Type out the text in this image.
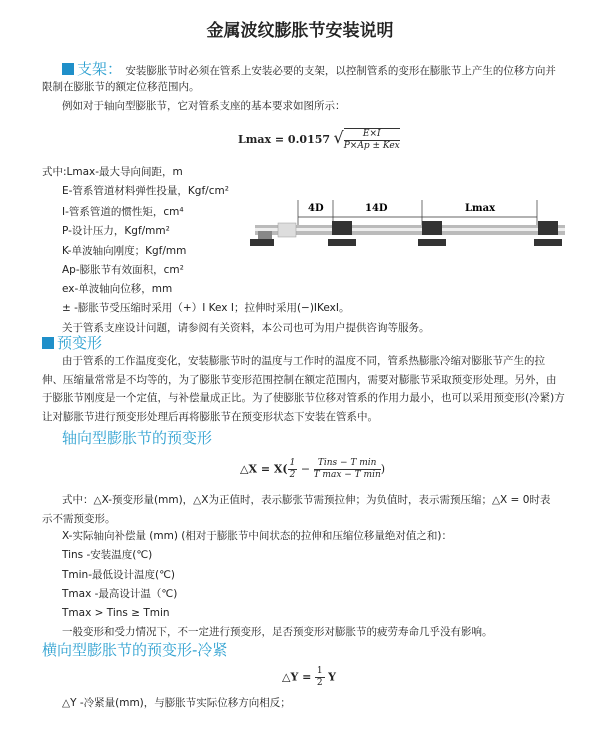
金属波纹膨胀节安装说明
支架： 安装膨胀节时必须在管系上安装必要的支架，以控制管系的变形在膨胀节上产生的位移方向并
限制在膨胀节的额定位移范围内。
例如对于轴向型膨胀节，它对管系支座的基本要求如图所示：
Lmax = 0.0157 √ $\frac{E\times I}{\text{P×Ap ± Kex}}$
式中:Lmax-最大导向间距，m
E-管系管道材料弹性投量，Kgf/cm²
I-管系管道的惯性矩，cm⁴
P-设计压力，Kgf/mm²
K-单波轴向刚度；Kgf/mm
Ap-膨胀节有效面积，cm²
ex-单波轴向位移，mm
± -膨胀节受压缩时采用（+）I Kex I；拉伸时采用(−)IKexI。
关于管系支座设计问题，请参阅有关资料，本公司也可为用户提供咨询等服务。
4D	14D	Lmax
预变形
由于管系的工作温度变化，安装膨胀节时的温度与工作时的温度不同，管系热膨胀冷缩对膨胀节产生的拉
伸、压缩量常常是不均等的，为了膨胀节变形范围控制在额定范围内，需要对膨胀节采取预变形处理。另外，由
于膨胀节刚度是一个定值，与补偿量成正比。为了使膨胀节位移对管系的作用力最小，也可以采用预变形(冷紧)方
让对膨胀节进行预变形处理后再将膨胀节在预变形状态下安装在管系中。
轴向型膨胀节的预变形
△X = $X( \frac{1}{2} - \frac{\text{Tins − T min}}{\text{T max − T min}}$ )
式中：△X-预变形量(mm)，△X为正值时，表示膨张节需预拉伸；为负值时，表示需预压缩；△X = 0时表
示不需预变形。
X-实际轴向补偿量 (mm) (相对于膨胀节中间状态的拉伸和压缩位移量绝对值之和)：
Tins -安装温度(℃)
Tmin-最低设计温度(℃)
Tmax -最高设计温（℃)
Tmax > Tins ≥ Tmin
一般变形和受力情况下，不一定进行预变形，足否预变形对膨胀节的疲劳寿命几乎没有影响。
横向型膨胀节的预变形-冷紧
△Y = $\frac{1}{2}$ Y
△Y -冷紧量(mm)，与膨胀节实际位移方向相反；
